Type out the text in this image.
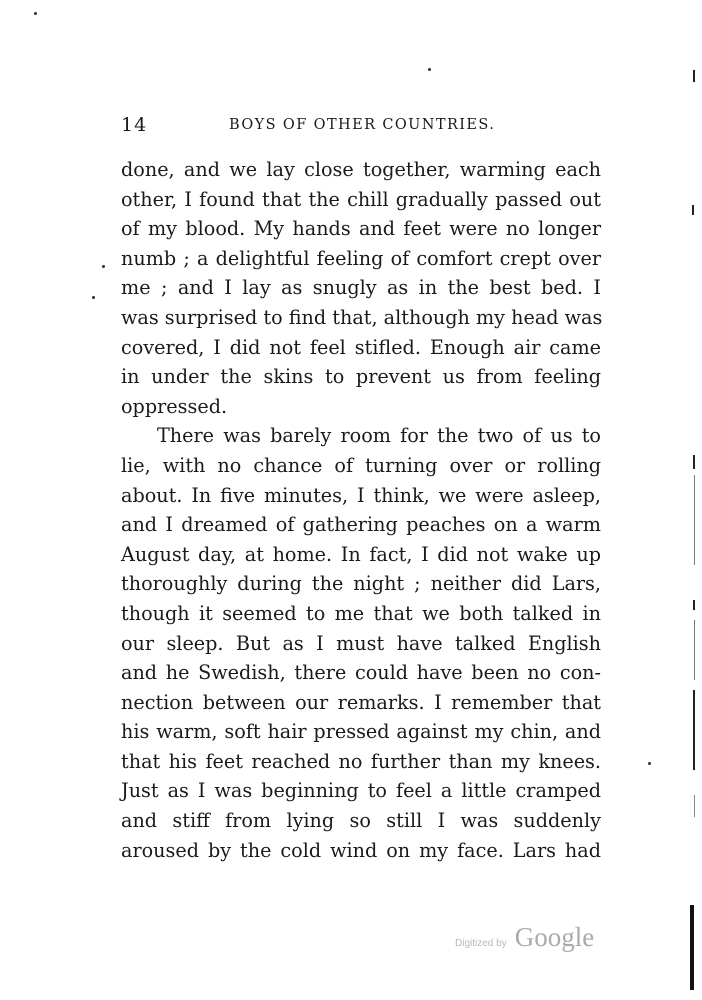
14	BOYS OF OTHER COUNTRIES.
done, and we lay close together, warming each
other, I found that the chill gradually passed out
of my blood. My hands and feet were no longer
numb ; a delightful feeling of comfort crept over
me ; and I lay as snugly as in the best bed. I
was surprised to find that, although my head was
covered, I did not feel stifled. Enough air came
in under the skins to prevent us from feeling
oppressed.
There was barely room for the two of us to
lie, with no chance of turning over or rolling
about. In five minutes, I think, we were asleep,
and I dreamed of gathering peaches on a warm
August day, at home. In fact, I did not wake up
thoroughly during the night ; neither did Lars,
though it seemed to me that we both talked in
our sleep. But as I must have talked English
and he Swedish, there could have been no con-
nection between our remarks. I remember that
his warm, soft hair pressed against my chin, and
that his feet reached no further than my knees.
Just as I was beginning to feel a little cramped
and stiff from lying so still I was suddenly
aroused by the cold wind on my face. Lars had
Digitized by Google
